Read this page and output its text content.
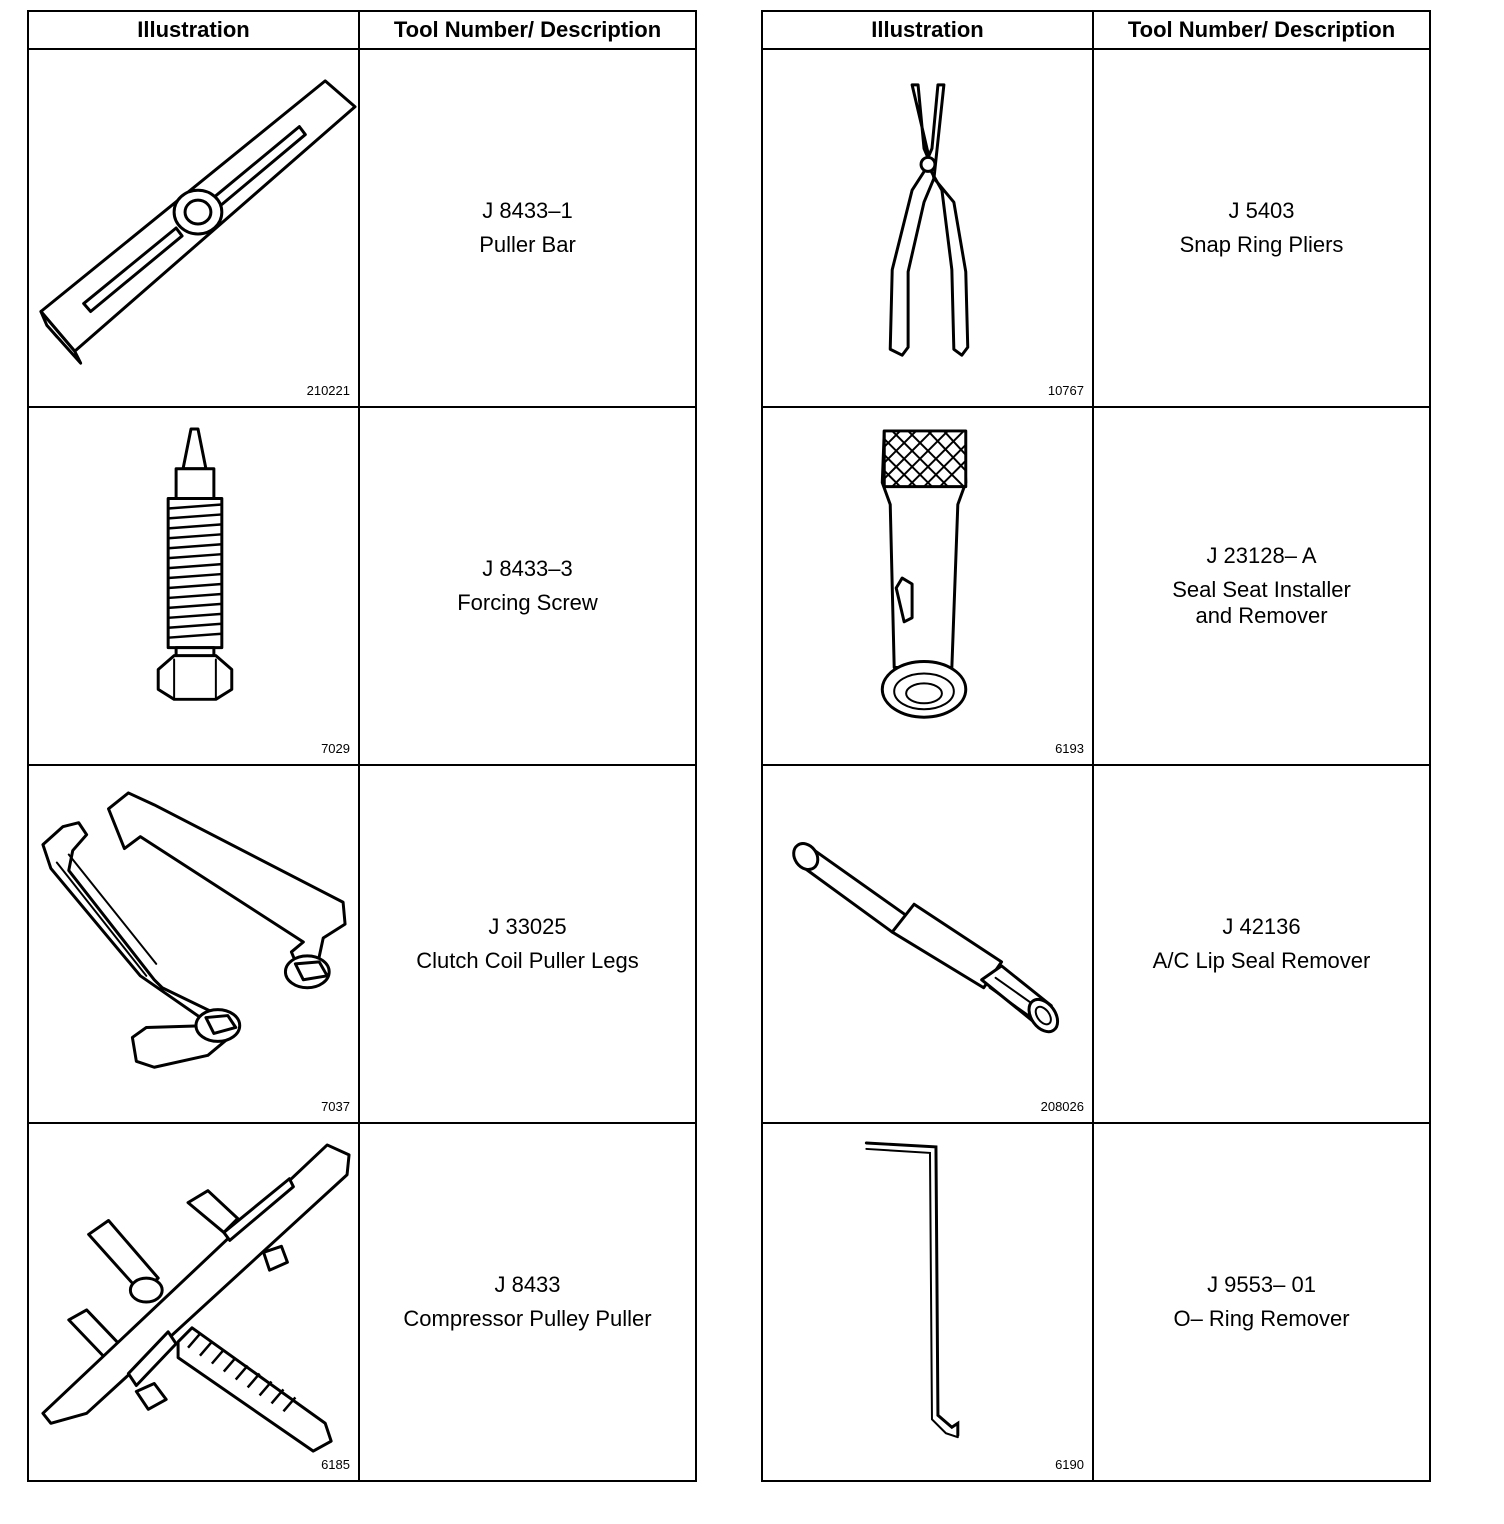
Illustration	Tool Number/ Description

210221	J 8433–1
Puller Bar

7029	J 8433–3
Forcing Screw

7037	J 33025
Clutch Coil Puller Legs

6185	J 8433
Compressor Pulley Puller
Illustration	Tool Number/ Description

10767	J 5403
Snap Ring Pliers

6193	J 23128– A
Seal Seat Installer
and Remover

208026	J 42136
A/C Lip Seal Remover

6190	J 9553– 01
O– Ring Remover
